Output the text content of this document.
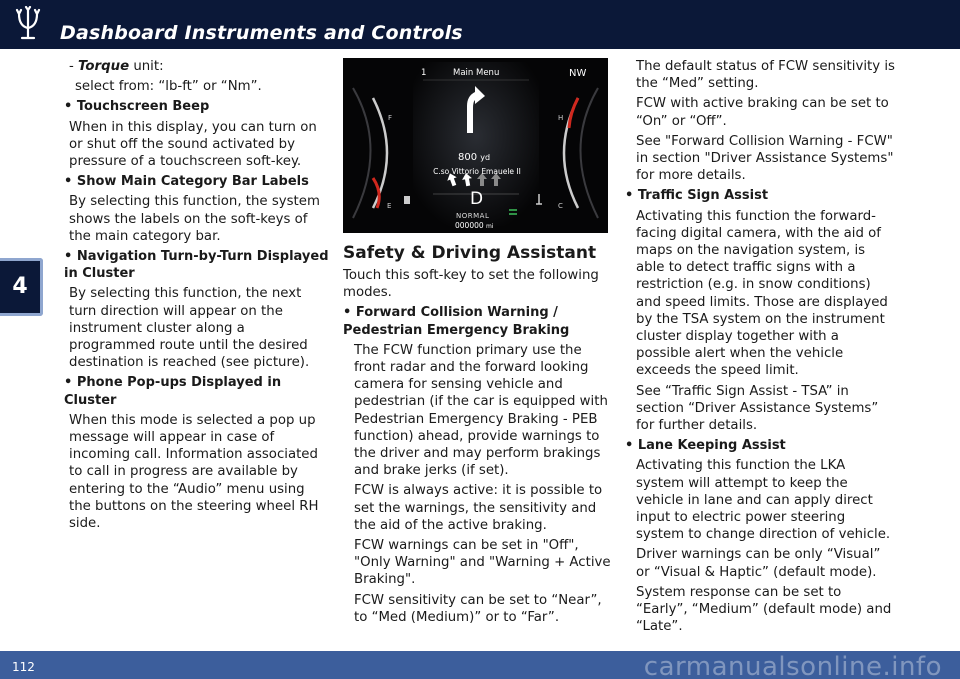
Dashboard Instruments and Controls
4

- Torque unit:

select from: “lb-ft” or “Nm”.

• Touchscreen Beep

When in this display, you can turn on or shut off the sound activated by pressure of a touchscreen soft-key.

• Show Main Category Bar Labels

By selecting this function, the system shows the labels on the soft-keys of the main category bar.

• Navigation Turn-by-Turn Displayed in Cluster

By selecting this function, the next turn direction will appear on the instrument cluster along a programmed route until the desired destination is reached (see picture).

• Phone Pop-ups Displayed in Cluster

When this mode is selected a pop up message will appear in case of incoming call. Information associated to call in progress are available by entering to the “Audio” menu using the buttons on the steering wheel RH side.

1	Main Menu	NW
800 yd
C.so Vittorio Emauele II
D
NORMAL
000000 mi
F
E
H
C
Safety & Driving Assistant

Touch this soft-key to set the following modes.

• Forward Collision Warning / Pedestrian Emergency Braking

The FCW function primary use the front radar and the forward looking camera for sensing vehicle and pedestrian (if the car is equipped with Pedestrian Emergency Braking - PEB function) ahead, provide warnings to the driver and may perform brakings and brake jerks (if set).

FCW is always active: it is possible to set the warnings, the sensitivity and the aid of the active braking.

FCW warnings can be set in "Off", "Only Warning" and "Warning + Active Braking".

FCW sensitivity can be set to “Near”, to “Med (Medium)” or to “Far”.

The default status of FCW sensitivity is the “Med” setting.

FCW with active braking can be set to “On” or “Off”.

See "Forward Collision Warning - FCW" in section "Driver Assistance Systems" for more details.

• Traffic Sign Assist

Activating this function the forward-facing digital camera, with the aid of maps on the navigation system, is able to detect traffic signs with a restriction (e.g. in snow conditions) and speed limits. Those are displayed by the TSA system on the instrument cluster display together with a possible alert when the vehicle exceeds the speed limit.

See “Traffic Sign Assist - TSA” in section “Driver Assistance Systems” for further details.

• Lane Keeping Assist

Activating this function the LKA system will attempt to keep the vehicle in lane and can apply direct input to electric power steering system to change direction of vehicle.

Driver warnings can be only “Visual” or “Visual & Haptic” (default mode).

System response can be set to “Early”, “Medium” (default mode) and “Late”.

112	carmanualsonline.info
